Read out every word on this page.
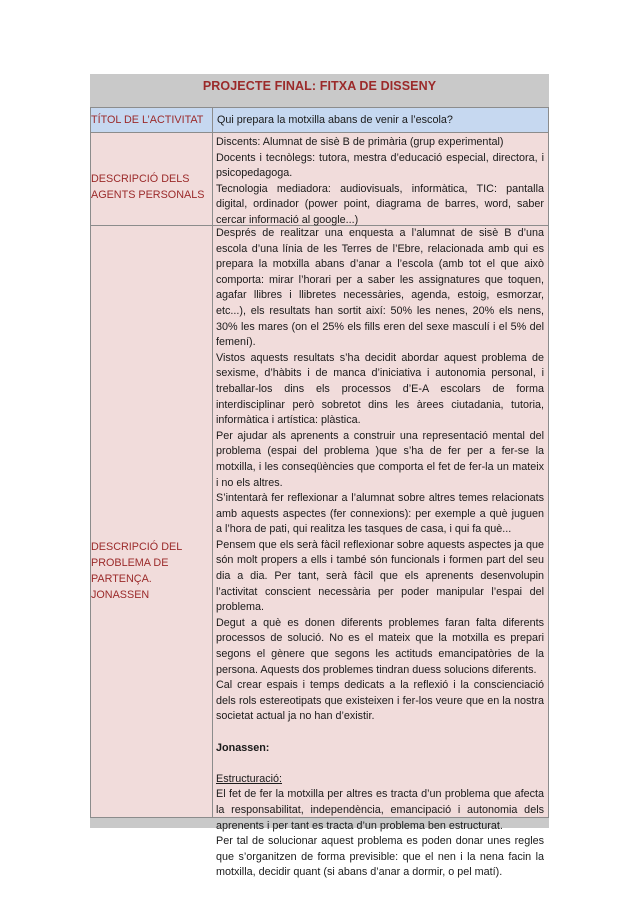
PROJECTE FINAL: FITXA DE DISSENY
TÍTOL DE L’ACTIVITAT Qui prepara la motxilla abans de venir a l’escola?
DESCRIPCIÓ DELS
AGENTS PERSONALS

Discents: Alumnat de sisè B de primària (grup experimental)

Docents i tecnòlegs: tutora, mestra d’educació especial, directora, i psicopedagoga.

Tecnologia mediadora: audiovisuals, informàtica, TIC: pantalla digital, ordinador (power point, diagrama de barres, word, saber cercar informació al google...)

DESCRIPCIÓ DEL
PROBLEMA DE
PARTENÇA. JONASSEN

Després de realitzar una enquesta a l’alumnat de sisè B d’una escola d’una línia de les Terres de l’Ebre, relacionada amb qui es prepara la motxilla abans d’anar a l’escola (amb tot el que això comporta: mirar l’horari per a saber les assignatures que toquen, agafar llibres i llibretes necessàries, agenda, estoig, esmorzar, etc...), els resultats han sortit així: 50% les nenes, 20% els nens, 30% les mares (on el 25% els fills eren del sexe masculí i el 5% del femení).

Vistos aquests resultats s’ha decidit abordar aquest problema de sexisme, d’hàbits i de manca d’iniciativa i autonomia personal, i treballar-los dins els processos d’E-A escolars de forma interdisciplinar però sobretot dins les àrees ciutadania, tutoria, informàtica i artística: plàstica.

Per ajudar als aprenents a construir una representació mental del problema (espai del problema )que s’ha de fer per a fer-se la motxilla, i les conseqüències que comporta el fet de fer-la un mateix i no els altres.

S’intentarà fer reflexionar a l’alumnat sobre altres temes relacionats amb aquests aspectes (fer connexions): per exemple a què juguen a l’hora de pati, qui realitza les tasques de casa, i qui fa què...

Pensem que els serà fàcil reflexionar sobre aquests aspectes ja que són molt propers a ells i també són funcionals i formen part del seu dia a dia. Per tant, serà fàcil que els aprenents desenvolupin l’activitat conscient necessària per poder manipular l’espai del problema.

Degut a què es donen diferents problemes faran falta diferents processos de solució. No es el mateix que la motxilla es prepari segons el gènere que segons les actituds emancipatòries de la persona. Aquests dos problemes tindran duess solucions diferents.

Cal crear espais i temps dedicats a la reflexió i la conscienciació dels rols estereotipats que existeixen i fer-los veure que en la nostra societat actual ja no han d’existir.

Jonassen:

Estructuració:

El fet de fer la motxilla per altres es tracta d’un problema que afecta la responsabilitat, independència, emancipació i autonomia dels aprenents i per tant es tracta d’un problema ben estructurat.

Per tal de solucionar aquest problema es poden donar unes regles que s’organitzen de forma previsible: que el nen i la nena facin la motxilla, decidir quant (si abans d’anar a dormir, o pel matí).
